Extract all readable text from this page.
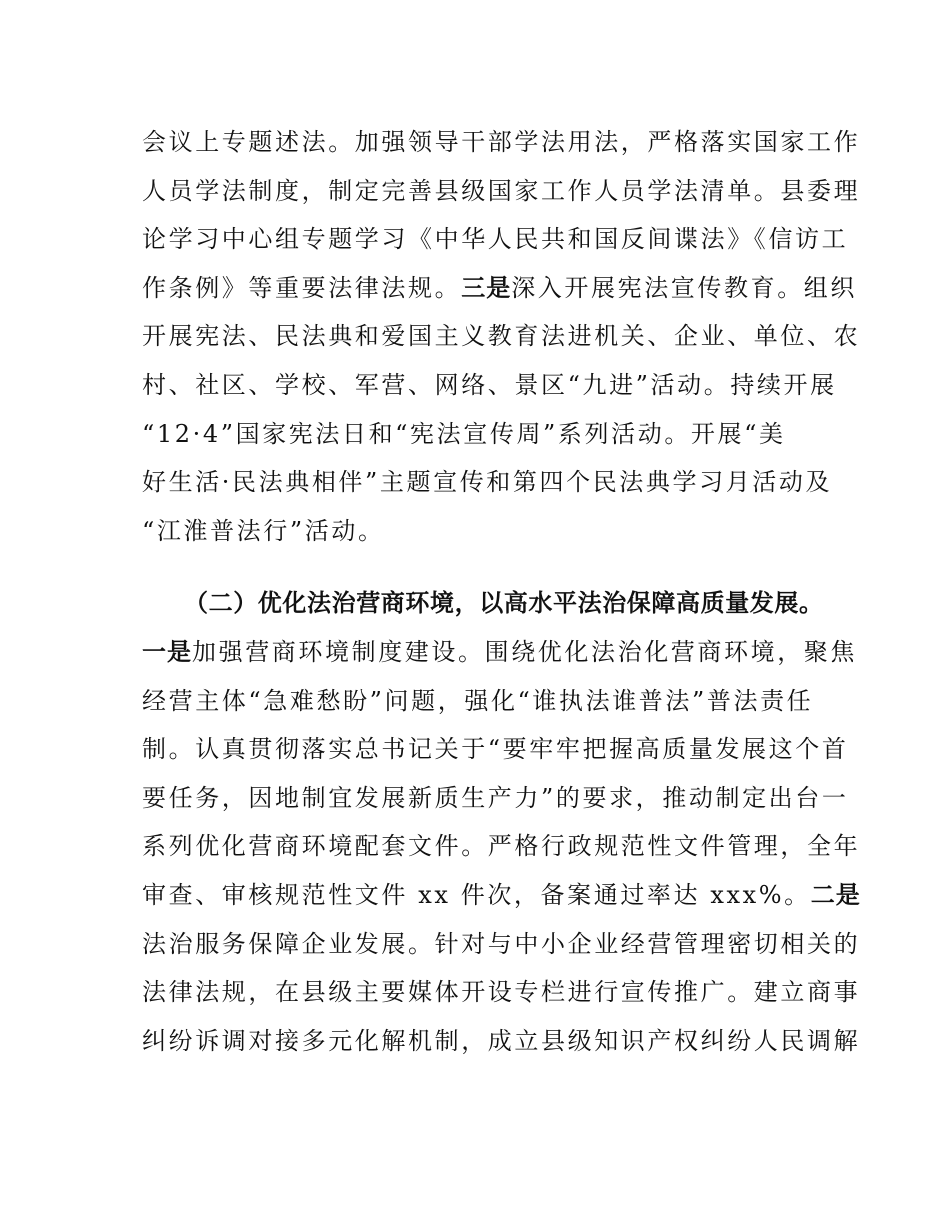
会议上专题述法。加强领导干部学法用法，严格落实国家工作
人员学法制度，制定完善县级国家工作人员学法清单。县委理
论学习中心组专题学习《中华人民共和国反间谍法》《信访工
作条例》等重要法律法规。三是深入开展宪法宣传教育。组织
开展宪法、民法典和爱国主义教育法进机关、企业、单位、农
村、社区、学校、军营、网络、景区“九进”活动。持续开展
“12·4”国家宪法日和“宪法宣传周”系列活动。开展“美
好生活·民法典相伴”主题宣传和第四个民法典学习月活动及
“江淮普法行”活动。
（二）优化法治营商环境，以高水平法治保障高质量发展。
一是加强营商环境制度建设。围绕优化法治化营商环境，聚焦
经营主体“急难愁盼”问题，强化“谁执法谁普法”普法责任
制。认真贯彻落实总书记关于“要牢牢把握高质量发展这个首
要任务，因地制宜发展新质生产力”的要求，推动制定出台一
系列优化营商环境配套文件。严格行政规范性文件管理，全年
审查、审核规范性文件 xx 件次，备案通过率达 xxx%。二是
法治服务保障企业发展。针对与中小企业经营管理密切相关的
法律法规，在县级主要媒体开设专栏进行宣传推广。建立商事
纠纷诉调对接多元化解机制，成立县级知识产权纠纷人民调解
